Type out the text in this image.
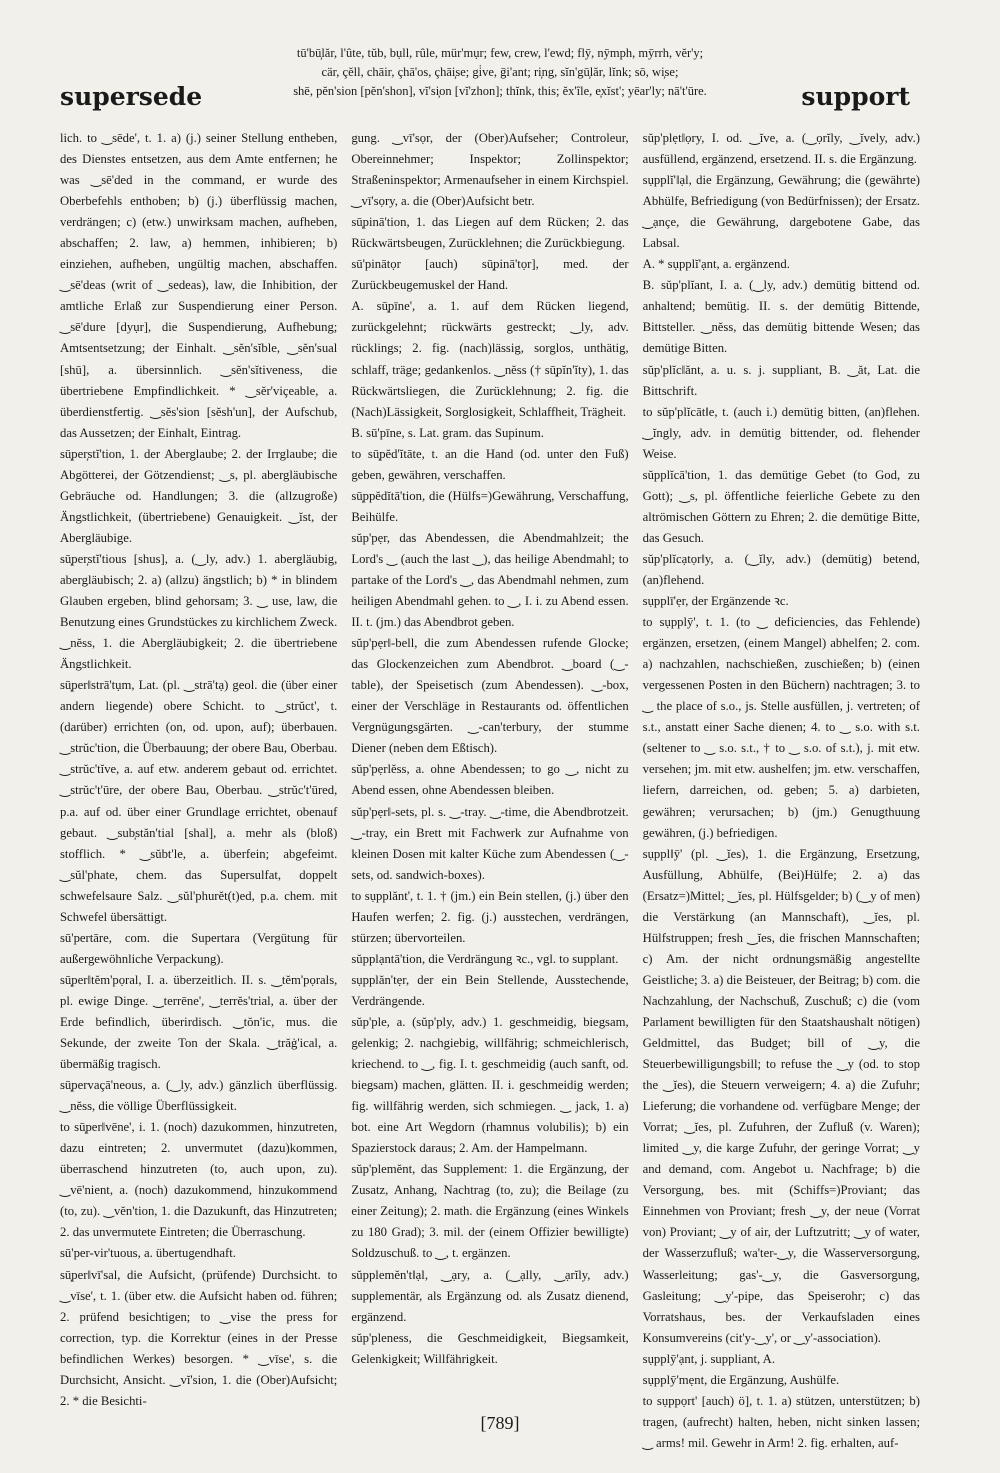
supersede
tū'bū̦lăr, l'ûte, tŭb, bụll, rûle, mür'mụr; few, crew, l'ewd; flȳ, nȳmph, mȳrrh, vĕr'y;
cär, çĕll, chāir, çhā'os, çhāi̦se; gi̇ve, ḡi'ant; ri̦ng, sĭn'gū̦lăr, lĭnk; sō, wi̦se;
shē, pĕn'sion [pĕn'shon], vĭ'si̦on [vĭ'zhon]; thĭnk, this; ĕx'île, e̦xĭst'; yēar'ly; nā't'ūre.	support

lich. to ‿sēde', t. 1. a) (j.) seiner Stellung entheben, des Dienstes entsetzen, aus dem Amte entfernen; he was ‿sē'ded in the command, er wurde des Oberbefehls enthoben; b) (j.) überflüssig machen, verdrängen; c) (etw.) unwirksam machen, aufheben, abschaffen; 2. law, a) hemmen, inhibieren; b) einziehen, aufheben, ungültig machen, abschaffen. ‿sē'deas (writ of ‿sedeas), law, die Inhibition, der amtliche Erlaß zur Suspendierung einer Person. ‿sē'dure [dyụr], die Suspendierung, Aufhebung; Amtsentsetzung; der Einhalt. ‿sĕn'sĭble, ‿sĕn'sual [shū], a. übersinnlich. ‿sĕn'sĭtiveness, die übertriebene Empfindlichkeit. * ‿sĕr'viçeable, a. überdienstfertig. ‿sĕs'sion [sĕsh'un], der Aufschub, das Aussetzen; der Einhalt, Eintrag.

sū̦per̦stĭ'tion, 1. der Aberglaube; 2. der Irrglaube; die Abgötterei, der Götzendienst; ‿s, pl. abergläubische Gebräuche od. Handlungen; 3. die (allzugroße) Ängstlichkeit, (übertriebene) Genauigkeit. ‿ĭst, der Abergläubige.

sū̦per̦stĭ'tious [shus], a. (‿ly, adv.) 1. abergläubig, abergläubisch; 2. a) (allzu) ängstlich; b) * in blindem Glauben ergeben, blind gehorsam; 3. ‿ use, law, die Benutzung eines Grundstückes zu kirchlichem Zweck. ‿nĕss, 1. die Abergläubigkeit; 2. die übertriebene Ängstlichkeit.

sū̦per‖strā'tụm, Lat. (pl. ‿strā'tạ) geol. die (über einer andern liegende) obere Schicht. to ‿strŭct', t. (darüber) errichten (on, od. upon, auf); überbauen. ‿strŭc'tion, die Überbauung; der obere Bau, Oberbau. ‿strŭc'tĭve, a. auf etw. anderem gebaut od. errichtet. ‿strŭc't'ūre, der obere Bau, Oberbau. ‿strŭc't'ūred, p.a. auf od. über einer Grundlage errichtet, obenauf gebaut. ‿sub̦stăn'tial [shal], a. mehr als (bloß) stofflich. * ‿sŭbt'le, a. überfein; abgefeimt. ‿sŭl'phate, chem. das Supersulfat, doppelt schwefelsaure Salz. ‿sŭl'phurĕt(t)ed, p.a. chem. mit Schwefel übersättigt.

sū'pertāre, com. die Supertara (Vergütung für außergewöhnliche Verpackung).

sū̦per‖tĕm'pọral, I. a. überzeitlich. II. s. ‿tĕm'pọrals, pl. ewige Dinge. ‿terrēne', ‿terrĕs'trial, a. über der Erde befindlich, überirdisch. ‿tŏn'ic, mus. die Sekunde, der zweite Ton der Skala. ‿trăġ'ical, a. übermäßig tragisch.

sū̦pervaçā'neous, a. (‿ly, adv.) gänzlich überflüssig. ‿nĕss, die völlige Überflüssigkeit.

to sū̦per‖vēne', i. 1. (noch) dazukommen, hinzutreten, dazu eintreten; 2. unvermutet (dazu)kommen, überraschend hinzutreten (to, auch upon, zu). ‿vē'nient, a. (noch) dazukommend, hinzukommend (to, zu). ‿vĕn'tion, 1. die Dazukunft, das Hinzutreten; 2. das unvermutete Eintreten; die Überraschung.

sū'per-vir'tuous, a. übertugendhaft.

sū̦per‖vī'sal, die Aufsicht, (prüfende) Durchsicht. to ‿vīse', t. 1. (über etw. die Aufsicht haben od. führen; 2. prüfend besichtigen; to ‿vise the press for correction, typ. die Korrektur (eines in der Presse befindlichen Werkes) besorgen. * ‿vīse', s. die Durchsicht, Ansicht. ‿vĭ'sion, 1. die (Ober)Aufsicht; 2. * die Besichti-

gung. ‿vī'sọr, der (Ober)Aufseher; Controleur, Obereinnehmer; Inspektor; Zollinspektor; Straßeninspektor; Armenaufseher in einem Kirchspiel. ‿vī'sọry, a. die (Ober)Aufsicht betr.

sū̦pinā'tion, 1. das Liegen auf dem Rücken; 2. das Rückwärtsbeugen, Zurücklehnen; die Zurückbiegung.

sū'pinātọr [auch) sū̦pinā'tọr], med. der Zurückbeugemuskel der Hand.

A. sū̦pīne', a. 1. auf dem Rücken liegend, zurückgelehnt; rückwärts gestreckt; ‿ly, adv. rücklings; 2. fig. (nach)lässig, sorglos, unthätig, schlaff, träge; gedankenlos. ‿nĕss († sū̦pĭn'ĭty), 1. das Rückwärtsliegen, die Zurücklehnung; 2. fig. die (Nach)Lässigkeit, Sorglosigkeit, Schlaffheit, Trägheit.

B. sū'pīne, s. Lat. gram. das Supinum.

to sū̦pĕd'ĭtāte, t. an die Hand (od. unter den Fuß) geben, gewähren, verschaffen.

sū̦ppĕdĭtā'tion, die (Hülfs=)Gewährung, Verschaffung, Beihülfe.

sŭp'pẹr, das Abendessen, die Abendmahlzeit; the Lord's ‿ (auch the last ‿), das heilige Abendmahl; to partake of the Lord's ‿, das Abendmahl nehmen, zum heiligen Abendmahl gehen. to ‿, I. i. zu Abend essen. II. t. (jm.) das Abendbrot geben.

sŭp'pẹr‖-bell, die zum Abendessen rufende Glocke; das Glockenzeichen zum Abendbrot. ‿board (‿-table), der Speisetisch (zum Abendessen). ‿-box, einer der Verschläge in Restaurants od. öffentlichen Vergnügungsgärten. ‿-can'terbury, der stumme Diener (neben dem Eßtisch).

sŭp'pẹrlĕss, a. ohne Abendessen; to go ‿, nicht zu Abend essen, ohne Abendessen bleiben.

sŭp'pẹr‖-sets, pl. s. ‿-tray. ‿-time, die Abendbrotzeit. ‿-tray, ein Brett mit Fachwerk zur Aufnahme von kleinen Dosen mit kalter Küche zum Abendessen (‿-sets, od. sandwich-boxes).

to sụpplănt', t. 1. † (jm.) ein Bein stellen, (j.) über den Haufen werfen; 2. fig. (j.) ausstechen, verdrängen, stürzen; übervorteilen.

sŭpplạntā'tion, die Verdrängung ꝛc., vgl. to supplant.

sụpplăn'tẹr, der ein Bein Stellende, Ausstechende, Verdrängende.

sŭp'ple, a. (sŭp'ply, adv.) 1. geschmeidig, biegsam, gelenkig; 2. nachgiebig, willfährig; schmeichlerisch, kriechend. to ‿, fig. I. t. geschmeidig (auch sanft, od. biegsam) machen, glätten. II. i. geschmeidig werden; fig. willfährig werden, sich schmiegen. ‿ jack, 1. a) bot. eine Art Wegdorn (rhamnus volubilis); b) ein Spazierstock daraus; 2. Am. der Hampelmann.

sŭp'plemĕnt, das Supplement: 1. die Ergänzung, der Zusatz, Anhang, Nachtrag (to, zu); die Beilage (zu einer Zeitung); 2. math. die Ergänzung (eines Winkels zu 180 Grad); 3. mil. der (einem Offizier bewilligte) Soldzuschuß. to ‿, t. ergänzen.

sŭpplemĕn't‖ạl, ‿ạry, a. (‿ạlly, ‿ạrĭly, adv.) supplementär, als Ergänzung od. als Zusatz dienend, ergänzend.

sŭp'pleness, die Geschmeidigkeit, Biegsamkeit, Gelenkigkeit; Willfährigkeit.

sŭp'plẹt‖ọry, I. od. ‿ĭve, a. (‿ọrĭly, ‿ĭvely, adv.) ausfüllend, ergänzend, ersetzend. II. s. die Ergänzung.

sụpplĭ'‖ạl, die Ergänzung, Gewährung; die (gewährte) Abhülfe, Befriedigung (von Bedürfnissen); der Ersatz. ‿ạnçe, die Gewährung, dargebotene Gabe, das Labsal.

A. * sụpplĭ'ạnt, a. ergänzend.

B. sŭp'plĭant, I. a. (‿ly, adv.) demütig bittend od. anhaltend; bemütig. II. s. der demütig Bittende, Bittsteller. ‿nĕss, das demütig bittende Wesen; das demütige Bitten.

sŭp'plĭc‖ănt, a. u. s. j. suppliant, B. ‿ăt, Lat. die Bittschrift.

to sŭp'plĭcāt‖e, t. (auch i.) demütig bitten, (an)flehen. ‿ĭngly, adv. in demütig bittender, od. flehender Weise.

sŭpplĭcā'tion, 1. das demütige Gebet (to God, zu Gott); ‿s, pl. öffentliche feierliche Gebete zu den altrömischen Göttern zu Ehren; 2. die demütige Bitte, das Gesuch.

sŭp'plĭcạtọr‖y, a. (‿ĭly, adv.) (demütig) betend, (an)flehend.

sụpplī'ẹr, der Ergänzende ꝛc.

to sụpplȳ', t. 1. (to ‿ deficiencies, das Fehlende) ergänzen, ersetzen, (einem Mangel) abhelfen; 2. com. a) nachzahlen, nachschießen, zuschießen; b) (einen vergessenen Posten in den Büchern) nachtragen; 3. to ‿ the place of s.o., js. Stelle ausfüllen, j. vertreten; of s.t., anstatt einer Sache dienen; 4. to ‿ s.o. with s.t. (seltener to ‿ s.o. s.t., † to ‿ s.o. of s.t.), j. mit etw. versehen; jm. mit etw. aushelfen; jm. etw. verschaffen, liefern, darreichen, od. geben; 5. a) darbieten, gewähren; verursachen; b) (jm.) Genugthuung gewähren, (j.) befriedigen.

sụppl‖ȳ' (pl. ‿ĭes), 1. die Ergänzung, Ersetzung, Ausfüllung, Abhülfe, (Bei)Hülfe; 2. a) das (Ersatz=)Mittel; ‿ĭes, pl. Hülfsgelder; b) (‿y of men) die Verstärkung (an Mannschaft), ‿ĭes, pl. Hülfstruppen; fresh ‿ĭes, die frischen Mannschaften; c) Am. der nicht ordnungsmäßig angestellte Geistliche; 3. a) die Beisteuer, der Beitrag; b) com. die Nachzahlung, der Nachschuß, Zuschuß; c) die (vom Parlament bewilligten für den Staatshaushalt nötigen) Geldmittel, das Budget; bill of ‿y, die Steuerbewilligungsbill; to refuse the ‿y (od. to stop the ‿ĭes), die Steuern verweigern; 4. a) die Zufuhr; Lieferung; die vorhandene od. verfügbare Menge; der Vorrat; ‿ĭes, pl. Zufuhren, der Zufluß (v. Waren); limited ‿y, die karge Zufuhr, der geringe Vorrat; ‿y and demand, com. Angebot u. Nachfrage; b) die Versorgung, bes. mit (Schiffs=)Proviant; das Einnehmen von Proviant; fresh ‿y, der neue (Vorrat von) Proviant; ‿y of air, der Luftzutritt; ‿y of water, der Wasserzufluß; wa'ter-‿y, die Wasserversorgung, Wasserleitung; gas'-‿y, die Gasversorgung, Gasleitung; ‿y'-pipe, das Speiserohr; c) das Vorratshaus, bes. der Verkaufsladen eines Konsumvereins (cit'y-‿y', or ‿y'-association).

sụpplȳ'ạnt, j. suppliant, A.

sụpplȳ'mẹnt, die Ergänzung, Aushülfe.

to sụppọrt' [auch) ö], t. 1. a) stützen, unterstützen; b) tragen, (aufrecht) halten, heben, nicht sinken lassen; ‿ arms! mil. Gewehr in Arm! 2. fig. erhalten, auf-

[789]
